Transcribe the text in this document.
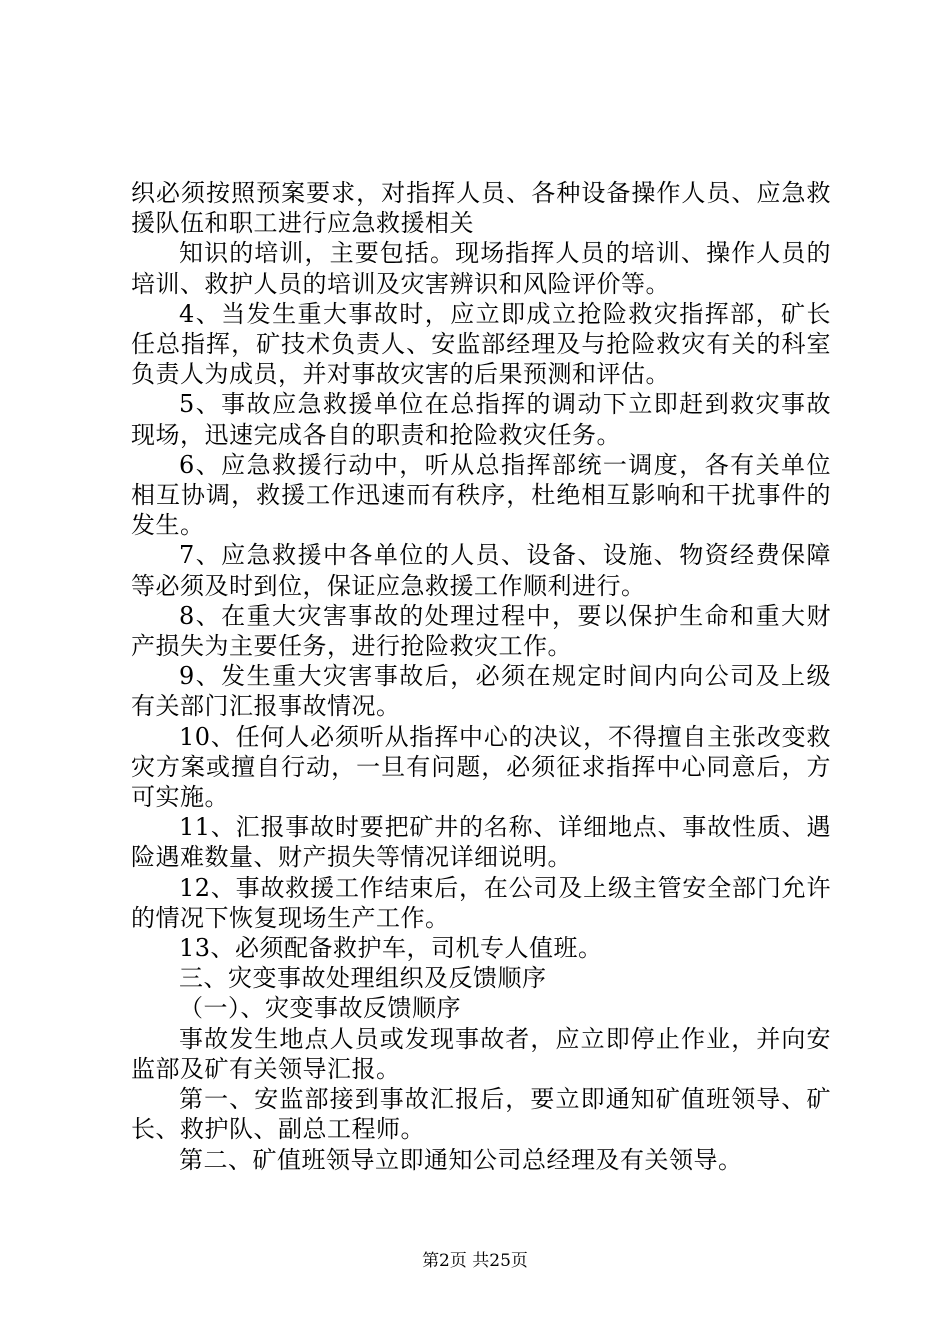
织必须按照预案要求，对指挥人员、各种设备操作人员、应急救援队伍和职工进行应急救援相关

知识的培训，主要包括。现场指挥人员的培训、操作人员的培训、救护人员的培训及灾害辨识和风险评价等。

4、当发生重大事故时，应立即成立抢险救灾指挥部，矿长任总指挥，矿技术负责人、安监部经理及与抢险救灾有关的科室负责人为成员，并对事故灾害的后果预测和评估。

5、事故应急救援单位在总指挥的调动下立即赶到救灾事故现场，迅速完成各自的职责和抢险救灾任务。

6、应急救援行动中，听从总指挥部统一调度，各有关单位相互协调，救援工作迅速而有秩序，杜绝相互影响和干扰事件的发生。

7、应急救援中各单位的人员、设备、设施、物资经费保障等必须及时到位，保证应急救援工作顺利进行。

8、在重大灾害事故的处理过程中，要以保护生命和重大财产损失为主要任务，进行抢险救灾工作。

9、发生重大灾害事故后，必须在规定时间内向公司及上级有关部门汇报事故情况。

10、任何人必须听从指挥中心的决议，不得擅自主张改变救灾方案或擅自行动，一旦有问题，必须征求指挥中心同意后，方可实施。

11、汇报事故时要把矿井的名称、详细地点、事故性质、遇险遇难数量、财产损失等情况详细说明。

12、事故救援工作结束后，在公司及上级主管安全部门允许的情况下恢复现场生产工作。

13、必须配备救护车，司机专人值班。

三、灾变事故处理组织及反馈顺序

（一）、灾变事故反馈顺序

事故发生地点人员或发现事故者，应立即停止作业，并向安监部及矿有关领导汇报。

第一、安监部接到事故汇报后，要立即通知矿值班领导、矿长、救护队、副总工程师。

第二、矿值班领导立即通知公司总经理及有关领导。

第2页 共25页
